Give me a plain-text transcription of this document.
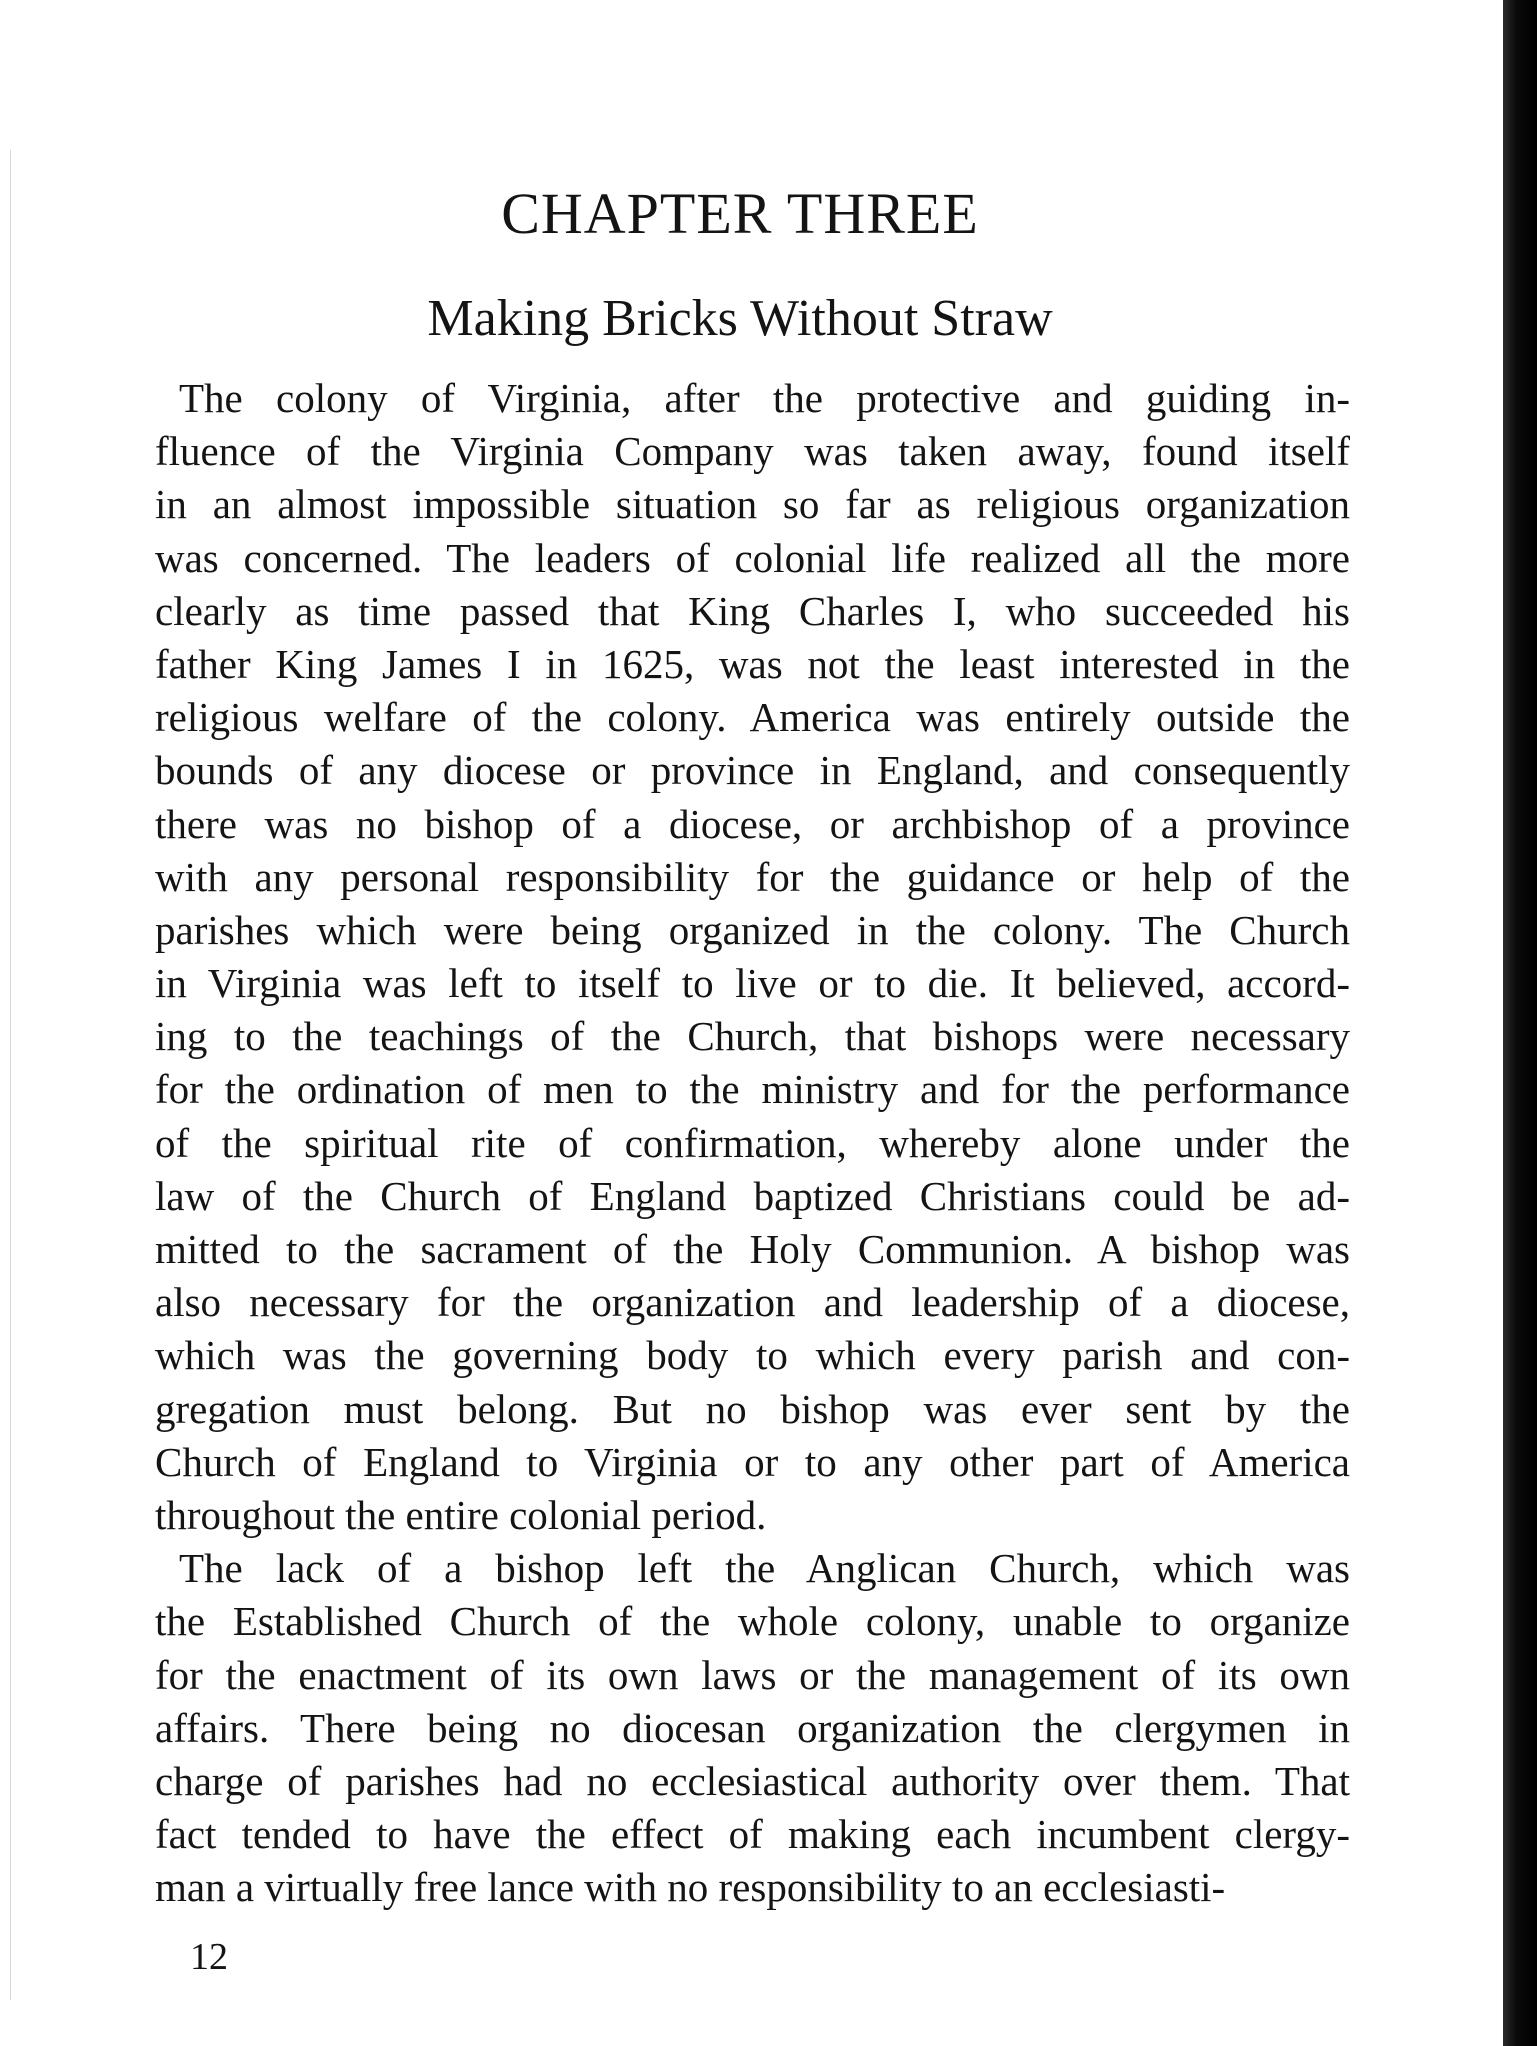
CHAPTER THREE
Making Bricks Without Straw

The colony of Virginia, after the protective and guiding in-
fluence of the Virginia Company was taken away, found itself
in an almost impossible situation so far as religious organization
was concerned. The leaders of colonial life realized all the more
clearly as time passed that King Charles I, who succeeded his
father King James I in 1625, was not the least interested in the
religious welfare of the colony. America was entirely outside the
bounds of any diocese or province in England, and consequently
there was no bishop of a diocese, or archbishop of a province
with any personal responsibility for the guidance or help of the
parishes which were being organized in the colony. The Church
in Virginia was left to itself to live or to die. It believed, accord-
ing to the teachings of the Church, that bishops were necessary
for the ordination of men to the ministry and for the performance
of the spiritual rite of confirmation, whereby alone under the
law of the Church of England baptized Christians could be ad-
mitted to the sacrament of the Holy Communion. A bishop was
also necessary for the organization and leadership of a diocese,
which was the governing body to which every parish and con-
gregation must belong. But no bishop was ever sent by the
Church of England to Virginia or to any other part of America
throughout the entire colonial period.

The lack of a bishop left the Anglican Church, which was
the Established Church of the whole colony, unable to organize
for the enactment of its own laws or the management of its own
affairs. There being no diocesan organization the clergymen in
charge of parishes had no ecclesiastical authority over them. That
fact tended to have the effect of making each incumbent clergy-
man a virtually free lance with no responsibility to an ecclesiasti-

12
